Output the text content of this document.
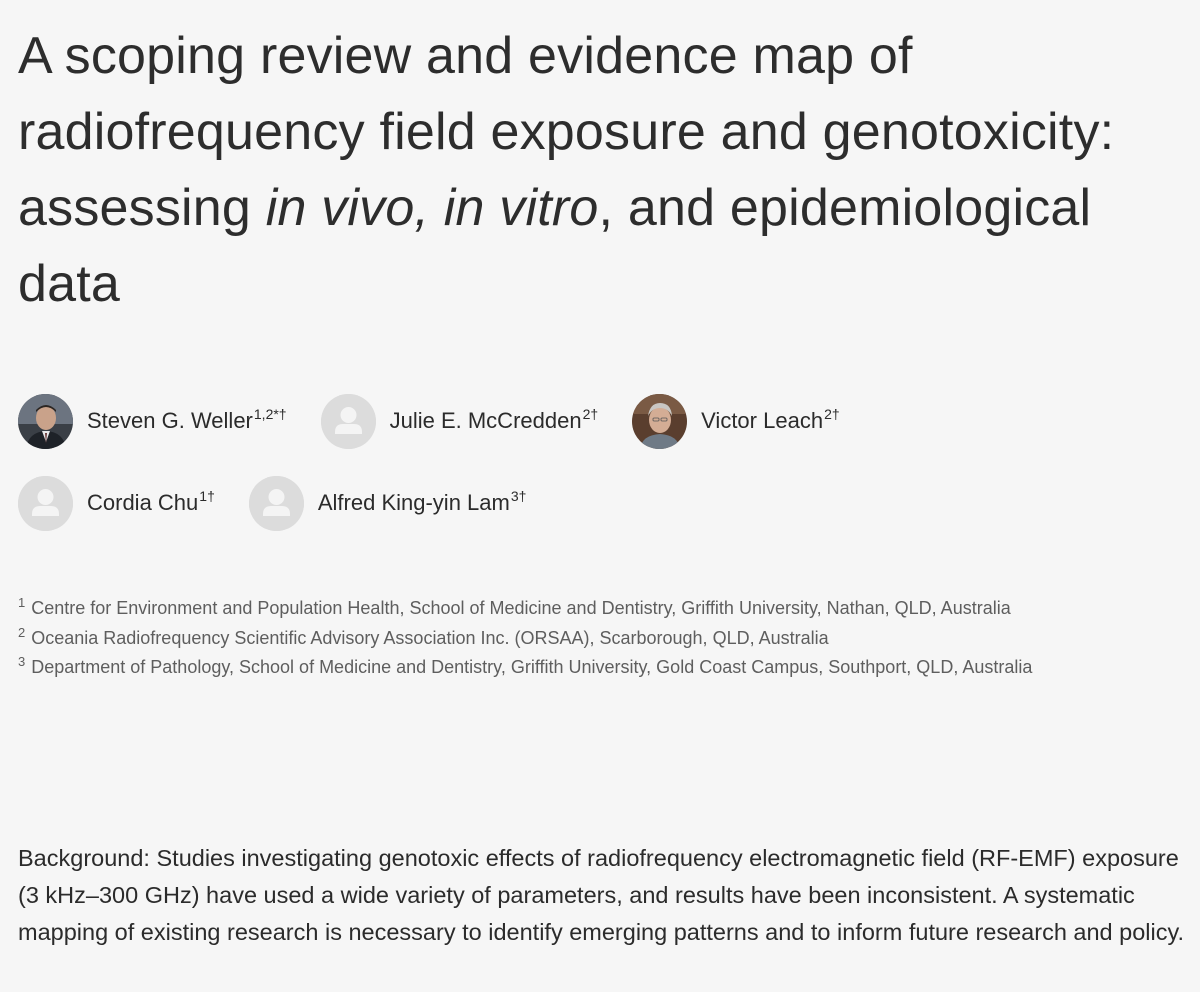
A scoping review and evidence map of radiofrequency field exposure and genotoxicity: assessing in vivo, in vitro, and epidemiological data
Steven G. Weller$^{1,2*\dagger}$	Julie E. McCredden$^{2\dagger}$	Victor Leach$^{2\dagger}$
Cordia Chu$^{1\dagger}$	Alfred King-yin Lam$^{3\dagger}$
$^1$ Centre for Environment and Population Health, School of Medicine and Dentistry, Griffith University, Nathan, QLD, Australia
$^2$ Oceania Radiofrequency Scientific Advisory Association Inc. (ORSAA), Scarborough, QLD, Australia
$^3$ Department of Pathology, School of Medicine and Dentistry, Griffith University, Gold Coast Campus, Southport, QLD, Australia

Background: Studies investigating genotoxic effects of radiofrequency electromagnetic field (RF-EMF) exposure (3 kHz–300 GHz) have used a wide variety of parameters, and results have been inconsistent. A systematic mapping of existing research is necessary to identify emerging patterns and to inform future research and policy.
